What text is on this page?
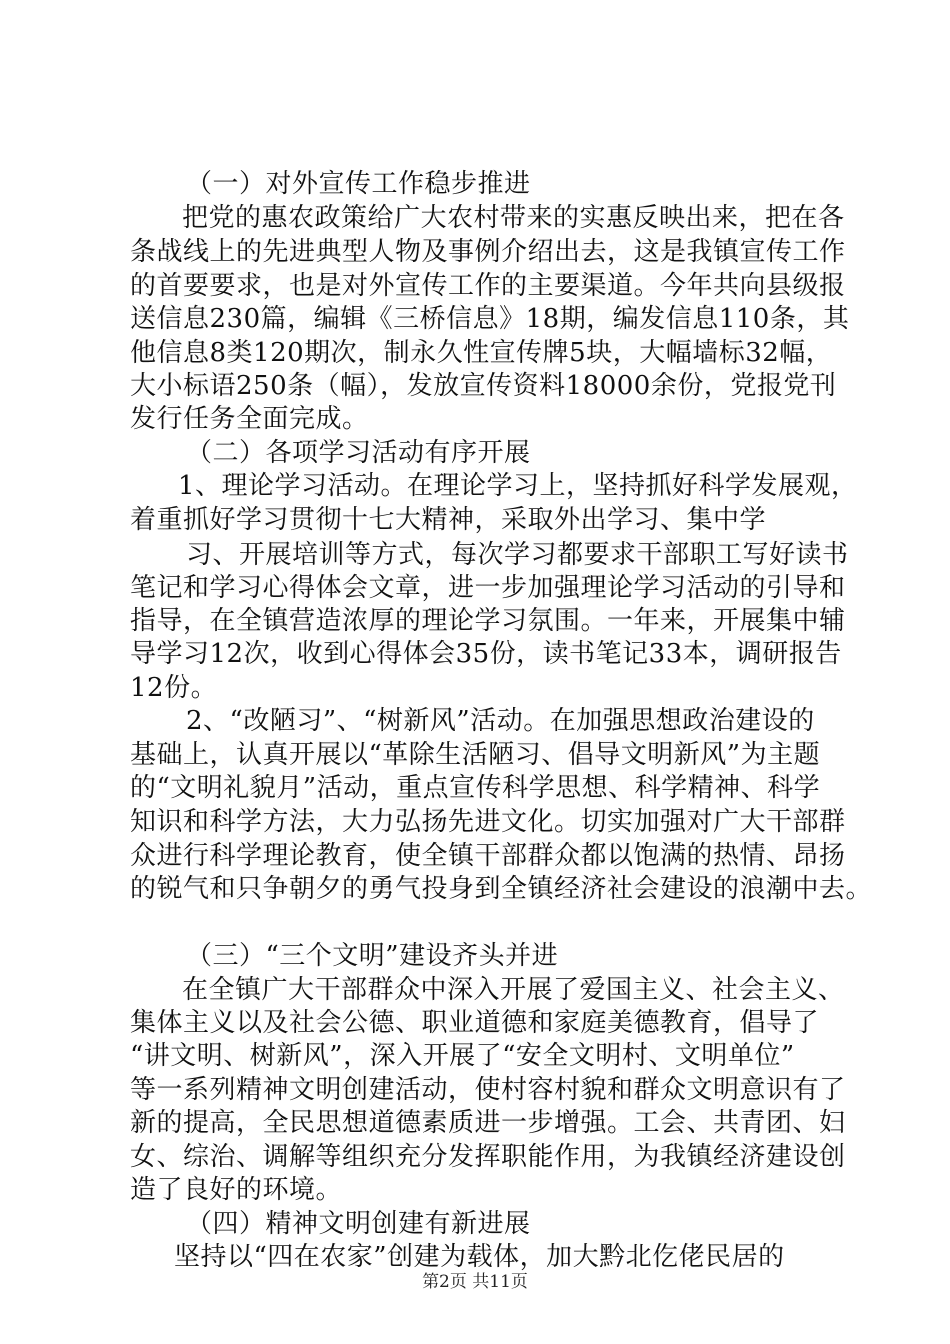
（一）对外宣传工作稳步推进
把党的惠农政策给广大农村带来的实惠反映出来，把在各
条战线上的先进典型人物及事例介绍出去，这是我镇宣传工作
的首要要求，也是对外宣传工作的主要渠道。今年共向县级报
送信息230篇，编辑《三桥信息》18期，编发信息110条，其
他信息8类120期次，制永久性宣传牌5块，大幅墙标32幅，
大小标语250条（幅），发放宣传资料18000余份，党报党刊
发行任务全面完成。
（二）各项学习活动有序开展
1、理论学习活动。在理论学习上，坚持抓好科学发展观，
着重抓好学习贯彻十七大精神，采取外出学习、集中学
习、开展培训等方式，每次学习都要求干部职工写好读书
笔记和学习心得体会文章，进一步加强理论学习活动的引导和
指导，在全镇营造浓厚的理论学习氛围。一年来，开展集中辅
导学习12次，收到心得体会35份，读书笔记33本，调研报告
12份。
2、“改陋习”、“树新风”活动。在加强思想政治建设的
基础上，认真开展以“革除生活陋习、倡导文明新风”为主题
的“文明礼貌月”活动，重点宣传科学思想、科学精神、科学
知识和科学方法，大力弘扬先进文化。切实加强对广大干部群
众进行科学理论教育，使全镇干部群众都以饱满的热情、昂扬
的锐气和只争朝夕的勇气投身到全镇经济社会建设的浪潮中去。
（三）“三个文明”建设齐头并进
在全镇广大干部群众中深入开展了爱国主义、社会主义、
集体主义以及社会公德、职业道德和家庭美德教育，倡导了
“讲文明、树新风”，深入开展了“安全文明村、文明单位”
等一系列精神文明创建活动，使村容村貌和群众文明意识有了
新的提高，全民思想道德素质进一步增强。工会、共青团、妇
女、综治、调解等组织充分发挥职能作用，为我镇经济建设创
造了良好的环境。
（四）精神文明创建有新进展
坚持以“四在农家”创建为载体，加大黔北仡佬民居的
第2页 共11页
